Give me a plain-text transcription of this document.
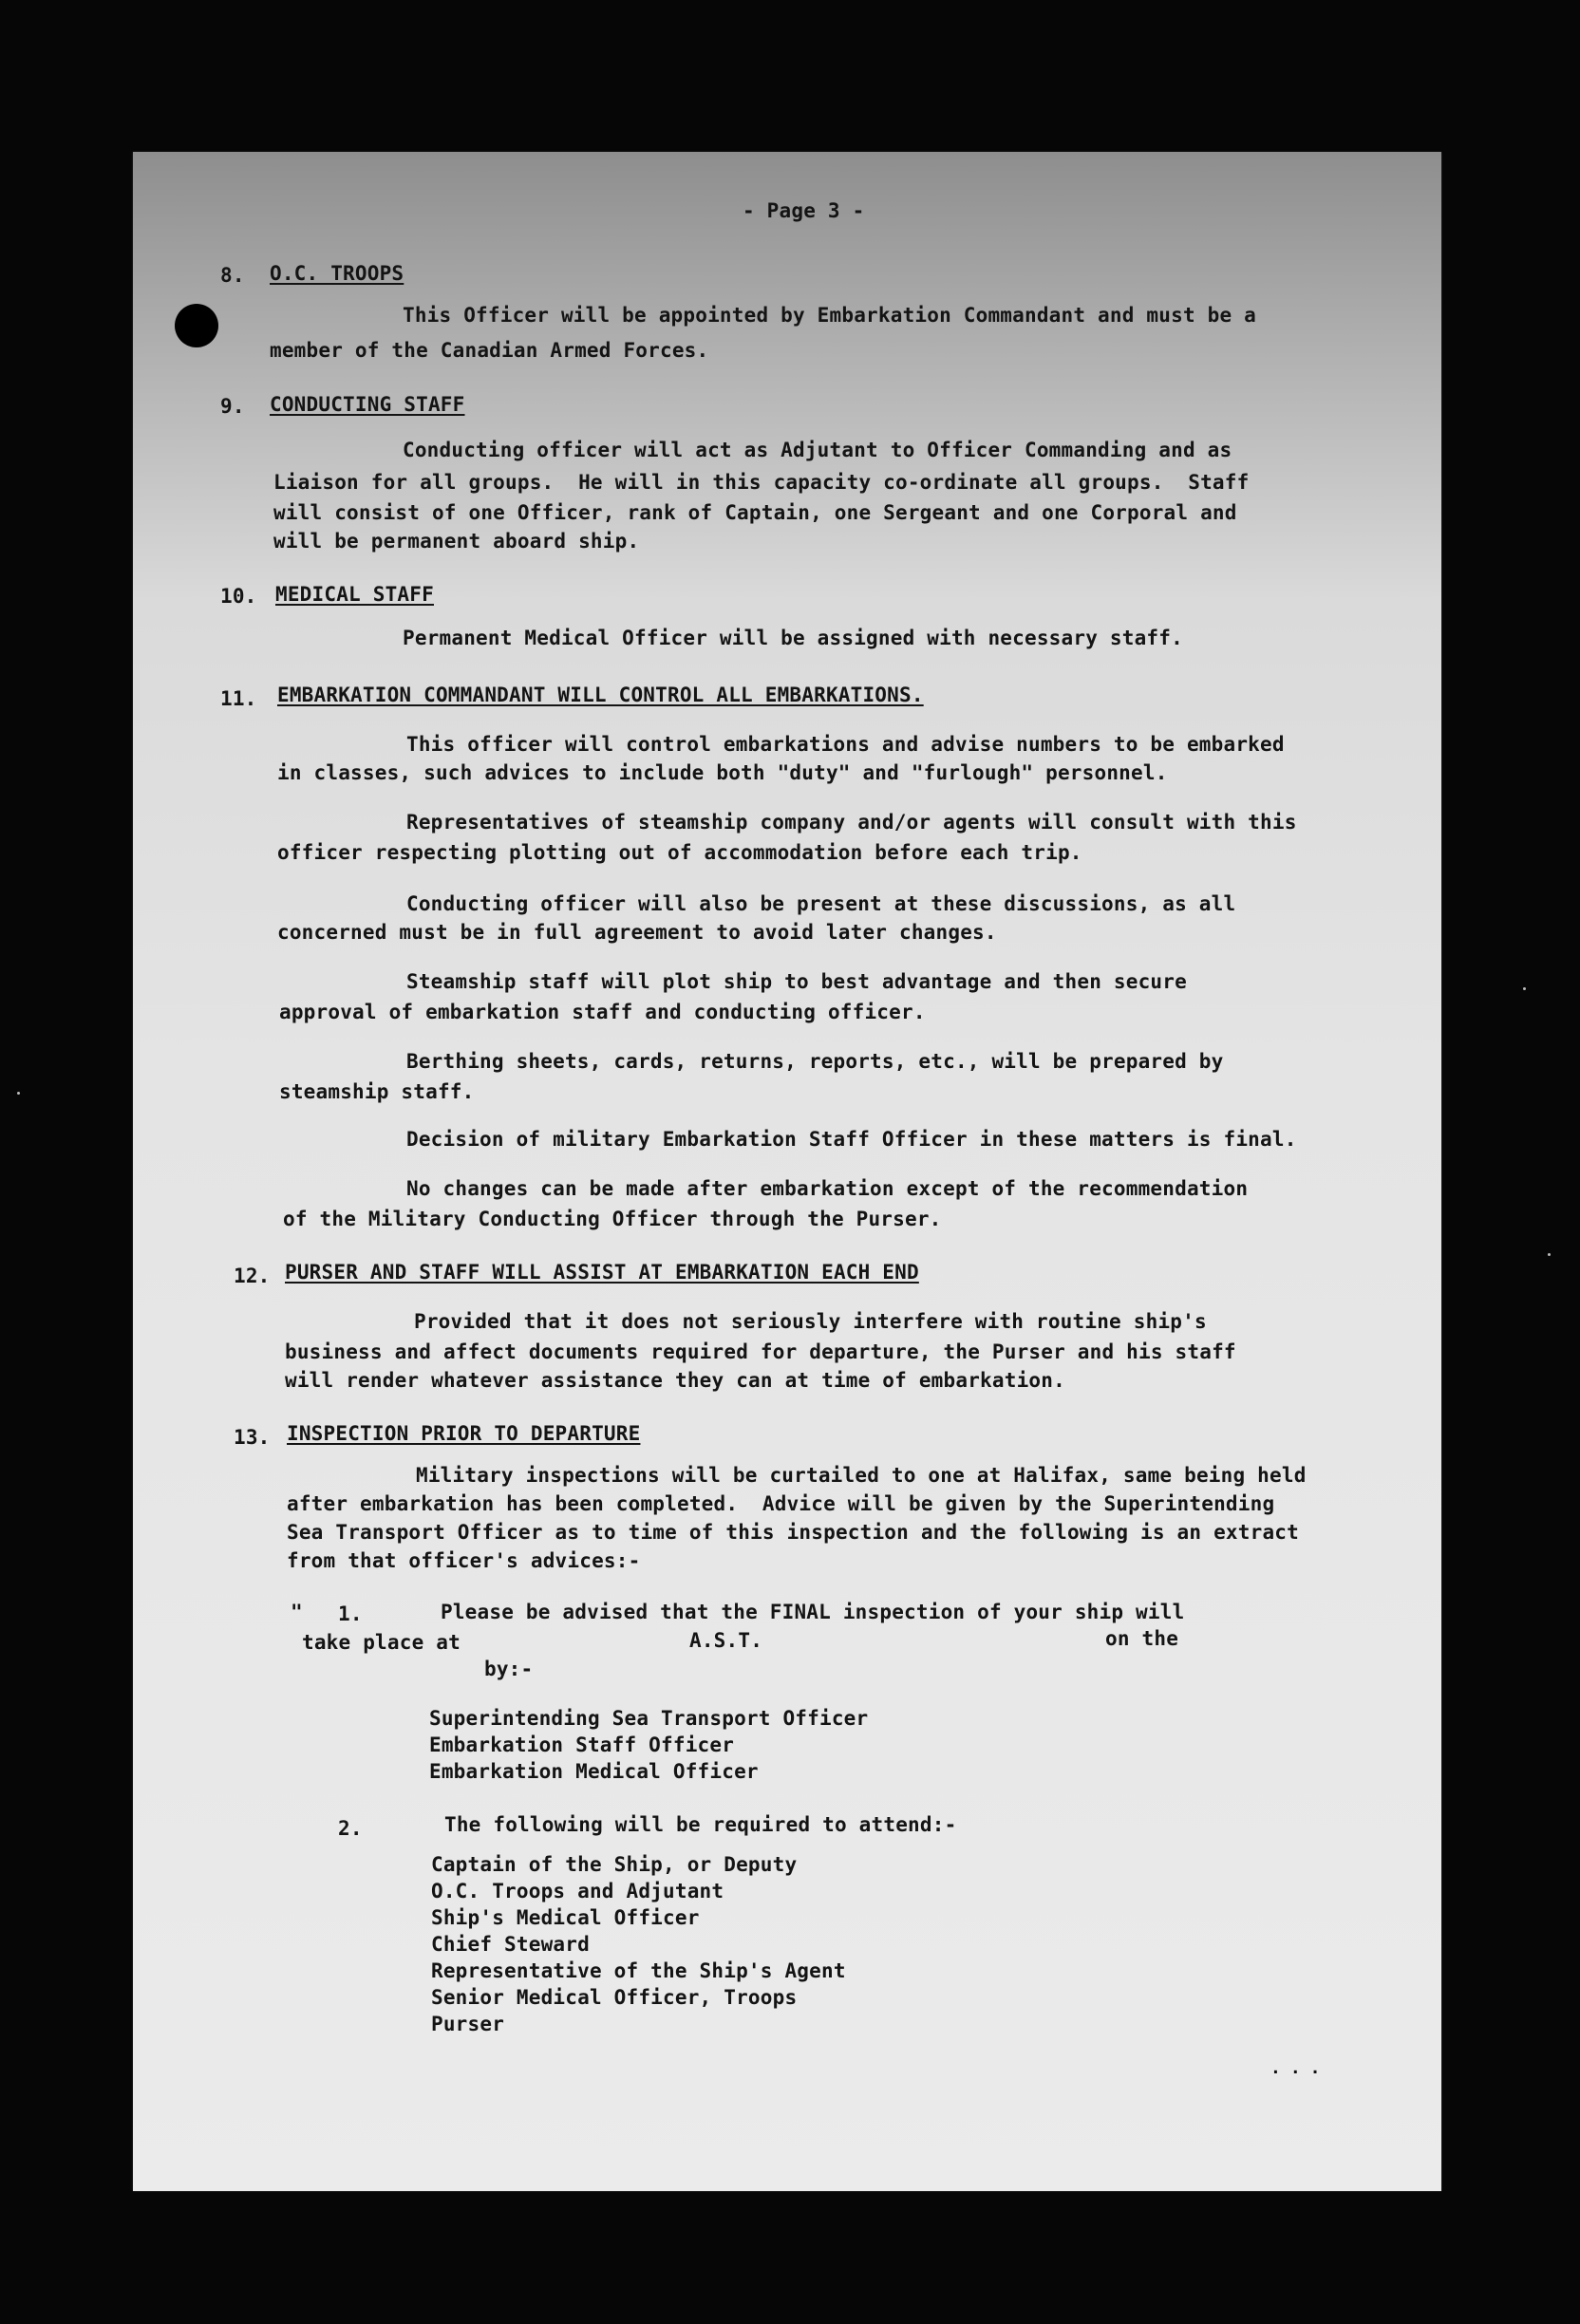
- Page 3 -
8. O.C. TROOPS
This Officer will be appointed by Embarkation Commandant and must be a
member of the Canadian Armed Forces.
9. CONDUCTING STAFF
Conducting officer will act as Adjutant to Officer Commanding and as
Liaison for all groups.  He will in this capacity co-ordinate all groups.  Staff
will consist of one Officer, rank of Captain, one Sergeant and one Corporal and
will be permanent aboard ship.
10. MEDICAL STAFF
Permanent Medical Officer will be assigned with necessary staff.
11. EMBARKATION COMMANDANT WILL CONTROL ALL EMBARKATIONS.
This officer will control embarkations and advise numbers to be embarked
in classes, such advices to include both "duty" and "furlough" personnel.
Representatives of steamship company and/or agents will consult with this
officer respecting plotting out of accommodation before each trip.
Conducting officer will also be present at these discussions, as all
concerned must be in full agreement to avoid later changes.
Steamship staff will plot ship to best advantage and then secure
approval of embarkation staff and conducting officer.
Berthing sheets, cards, returns, reports, etc., will be prepared by
steamship staff.
Decision of military Embarkation Staff Officer in these matters is final.
No changes can be made after embarkation except of the recommendation
of the Military Conducting Officer through the Purser.
12. PURSER AND STAFF WILL ASSIST AT EMBARKATION EACH END
Provided that it does not seriously interfere with routine ship's
business and affect documents required for departure, the Purser and his staff
will render whatever assistance they can at time of embarkation.
13. INSPECTION PRIOR TO DEPARTURE
Military inspections will be curtailed to one at Halifax, same being held
after embarkation has been completed.  Advice will be given by the Superintending
Sea Transport Officer as to time of this inspection and the following is an extract
from that officer's advices:-
" 1.	Please be advised that the FINAL inspection of your ship will
take place at	A.S.T.	on the
by:-
Superintending Sea Transport Officer
Embarkation Staff Officer
Embarkation Medical Officer
2.	The following will be required to attend:-
Captain of the Ship, or Deputy
O.C. Troops and Adjutant
Ship's Medical Officer
Chief Steward
Representative of the Ship's Agent
Senior Medical Officer, Troops
Purser
...
